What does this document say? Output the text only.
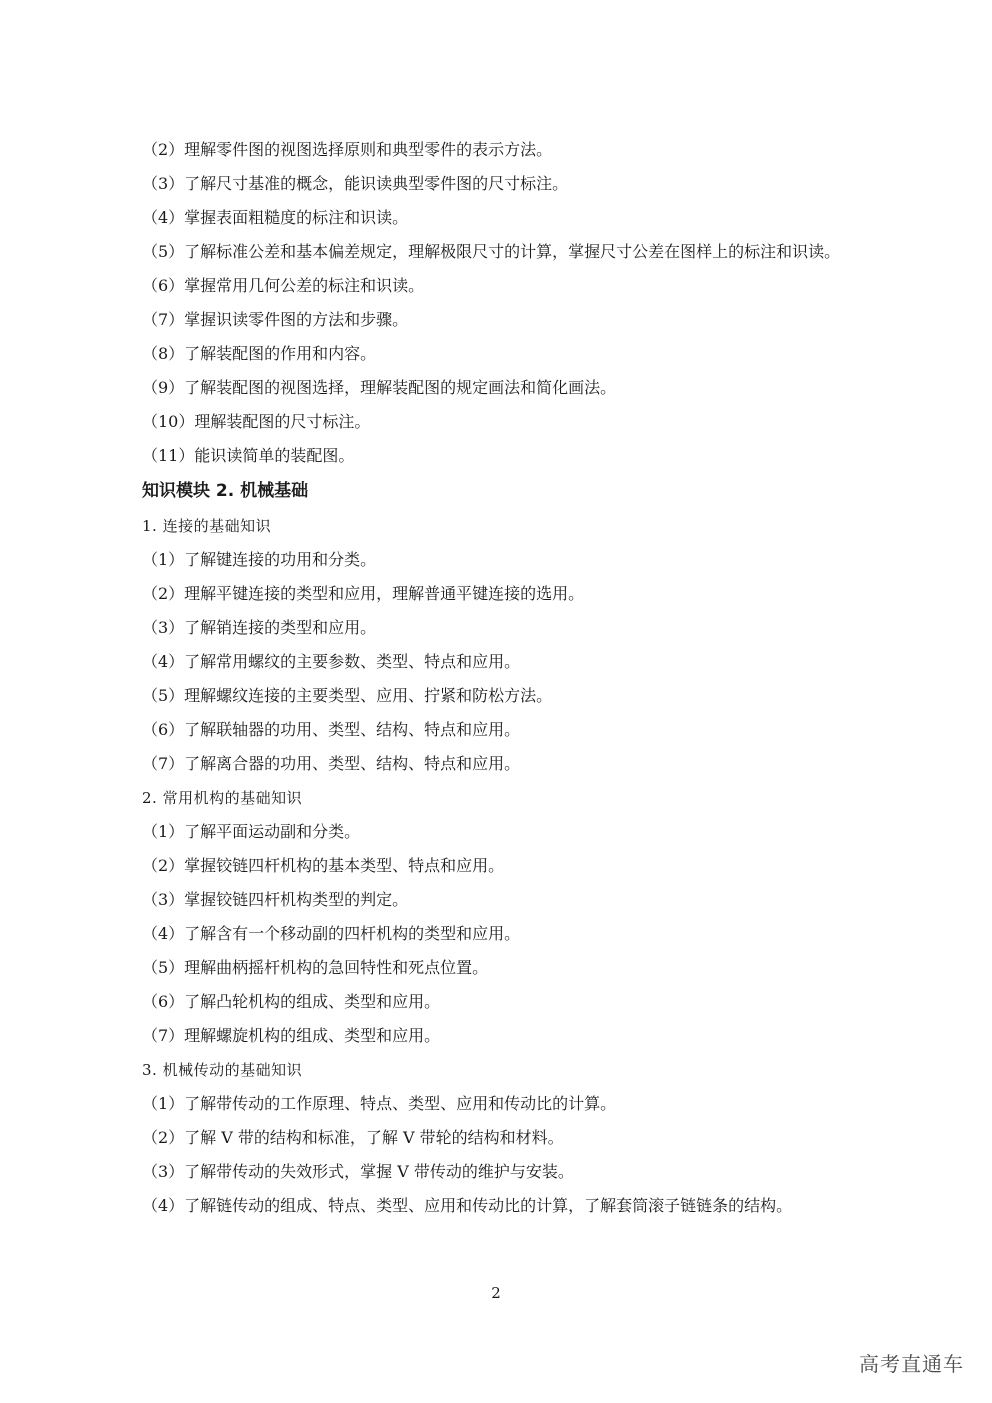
（2）理解零件图的视图选择原则和典型零件的表示方法。
（3）了解尺寸基准的概念，能识读典型零件图的尺寸标注。
（4）掌握表面粗糙度的标注和识读。
（5）了解标准公差和基本偏差规定，理解极限尺寸的计算，掌握尺寸公差在图样上的标注和识读。
（6）掌握常用几何公差的标注和识读。
（7）掌握识读零件图的方法和步骤。
（8）了解装配图的作用和内容。
（9）了解装配图的视图选择，理解装配图的规定画法和简化画法。
（10）理解装配图的尺寸标注。
（11）能识读简单的装配图。
知识模块 2. 机械基础
1. 连接的基础知识
（1）了解键连接的功用和分类。
（2）理解平键连接的类型和应用，理解普通平键连接的选用。
（3）了解销连接的类型和应用。
（4）了解常用螺纹的主要参数、类型、特点和应用。
（5）理解螺纹连接的主要类型、应用、拧紧和防松方法。
（6）了解联轴器的功用、类型、结构、特点和应用。
（7）了解离合器的功用、类型、结构、特点和应用。
2. 常用机构的基础知识
（1）了解平面运动副和分类。
（2）掌握铰链四杆机构的基本类型、特点和应用。
（3）掌握铰链四杆机构类型的判定。
（4）了解含有一个移动副的四杆机构的类型和应用。
（5）理解曲柄摇杆机构的急回特性和死点位置。
（6）了解凸轮机构的组成、类型和应用。
（7）理解螺旋机构的组成、类型和应用。
3. 机械传动的基础知识
（1）了解带传动的工作原理、特点、类型、应用和传动比的计算。
（2）了解 V 带的结构和标准，了解 V 带轮的结构和材料。
（3）了解带传动的失效形式，掌握 V 带传动的维护与安装。
（4）了解链传动的组成、特点、类型、应用和传动比的计算，了解套筒滚子链链条的结构。
2
高考直通车
